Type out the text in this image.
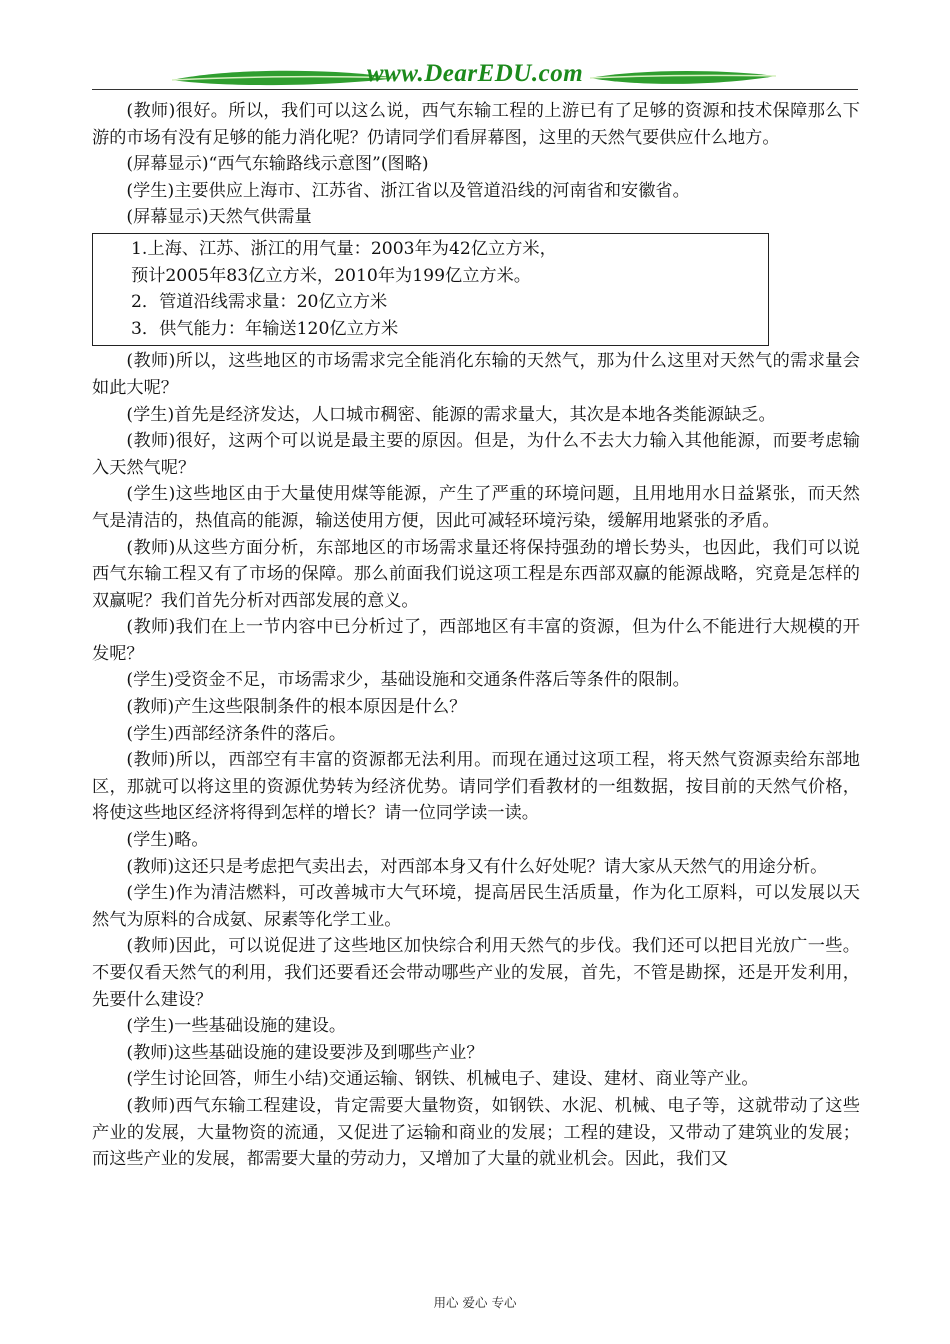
www.DearEDU.com

(教师)很好。所以，我们可以这么说，西气东输工程的上游已有了足够的资源和技术保障那么下游的市场有没有足够的能力消化呢？仍请同学们看屏幕图，这里的天然气要供应什么地方。

(屏幕显示)“西气东输路线示意图”(图略)

(学生)主要供应上海市、江苏省、浙江省以及管道沿线的河南省和安徽省。

(屏幕显示)天然气供需量

1.上海、江苏、浙江的用气量：2003年为42亿立方米，

预计2005年83亿立方米，2010年为199亿立方米。

2．管道沿线需求量：20亿立方米

3．供气能力：年输送120亿立方米

(教师)所以，这些地区的市场需求完全能消化东输的天然气，那为什么这里对天然气的需求量会如此大呢？

(学生)首先是经济发达，人口城市稠密、能源的需求量大，其次是本地各类能源缺乏。

(教师)很好，这两个可以说是最主要的原因。但是，为什么不去大力输入其他能源，而要考虑输入天然气呢？

(学生)这些地区由于大量使用煤等能源，产生了严重的环境问题，且用地用水日益紧张，而天然气是清洁的，热值高的能源，输送使用方便，因此可减轻环境污染，缓解用地紧张的矛盾。

(教师)从这些方面分析，东部地区的市场需求量还将保持强劲的增长势头，也因此，我们可以说西气东输工程又有了市场的保障。那么前面我们说这项工程是东西部双赢的能源战略，究竟是怎样的双赢呢？我们首先分析对西部发展的意义。

(教师)我们在上一节内容中已分析过了，西部地区有丰富的资源，但为什么不能进行大规模的开发呢？

(学生)受资金不足，市场需求少，基础设施和交通条件落后等条件的限制。

(教师)产生这些限制条件的根本原因是什么？

(学生)西部经济条件的落后。

(教师)所以，西部空有丰富的资源都无法利用。而现在通过这项工程，将天然气资源卖给东部地区，那就可以将这里的资源优势转为经济优势。请同学们看教材的一组数据，按目前的天然气价格，将使这些地区经济将得到怎样的增长？请一位同学读一读。

(学生)略。

(教师)这还只是考虑把气卖出去，对西部本身又有什么好处呢？请大家从天然气的用途分析。

(学生)作为清洁燃料，可改善城市大气环境，提高居民生活质量，作为化工原料，可以发展以天然气为原料的合成氨、尿素等化学工业。

(教师)因此，可以说促进了这些地区加快综合利用天然气的步伐。我们还可以把目光放广一些。不要仅看天然气的利用，我们还要看还会带动哪些产业的发展，首先，不管是勘探，还是开发利用，先要什么建设？

(学生)一些基础设施的建设。

(教师)这些基础设施的建设要涉及到哪些产业？

(学生讨论回答，师生小结)交通运输、钢铁、机械电子、建设、建材、商业等产业。

(教师)西气东输工程建设，肯定需要大量物资，如钢铁、水泥、机械、电子等，这就带动了这些产业的发展，大量物资的流通，又促进了运输和商业的发展；工程的建设，又带动了建筑业的发展；而这些产业的发展，都需要大量的劳动力，又增加了大量的就业机会。因此，我们又

用心 爱心 专心
